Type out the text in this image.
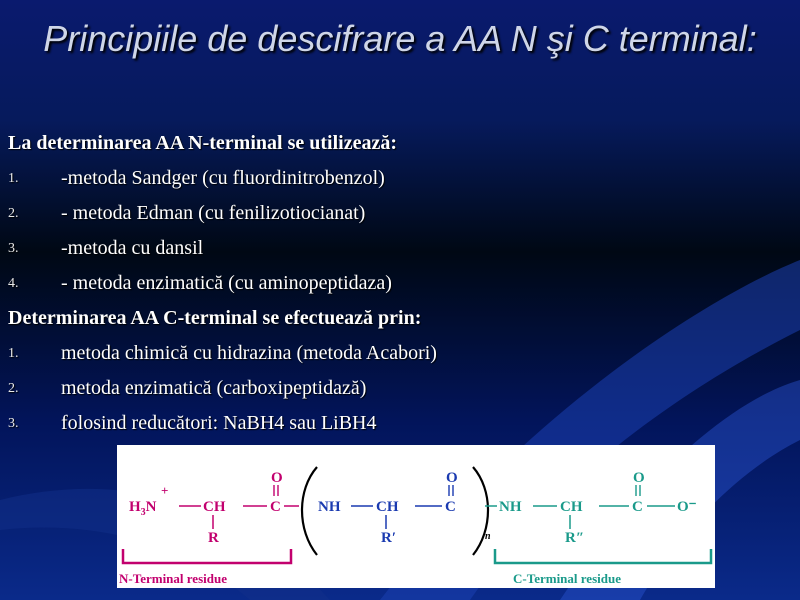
Principiile de descifrare a AA N şi C terminal:
La determinarea AA N-terminal se utilizează:
1. -metoda Sandger (cu fluordinitrobenzol)
2. - metoda Edman (cu fenilizotiocianat)
3. -metoda cu dansil
4. - metoda enzimatică (cu aminopeptidaza)
Determinarea AA C-terminal se efectuează prin:
1. metoda chimică cu hidrazina (metoda Acabori)
2. metoda enzimatică (carboxipeptidază)
3. folosind reducători: NaBH4 sau LiBH4
+
$H_3N$	CH
R
C
O
n
NH CH
R′
C
O
NH	CH
R″
C
O
O⁻
N-Terminal residue	C-Terminal residue
